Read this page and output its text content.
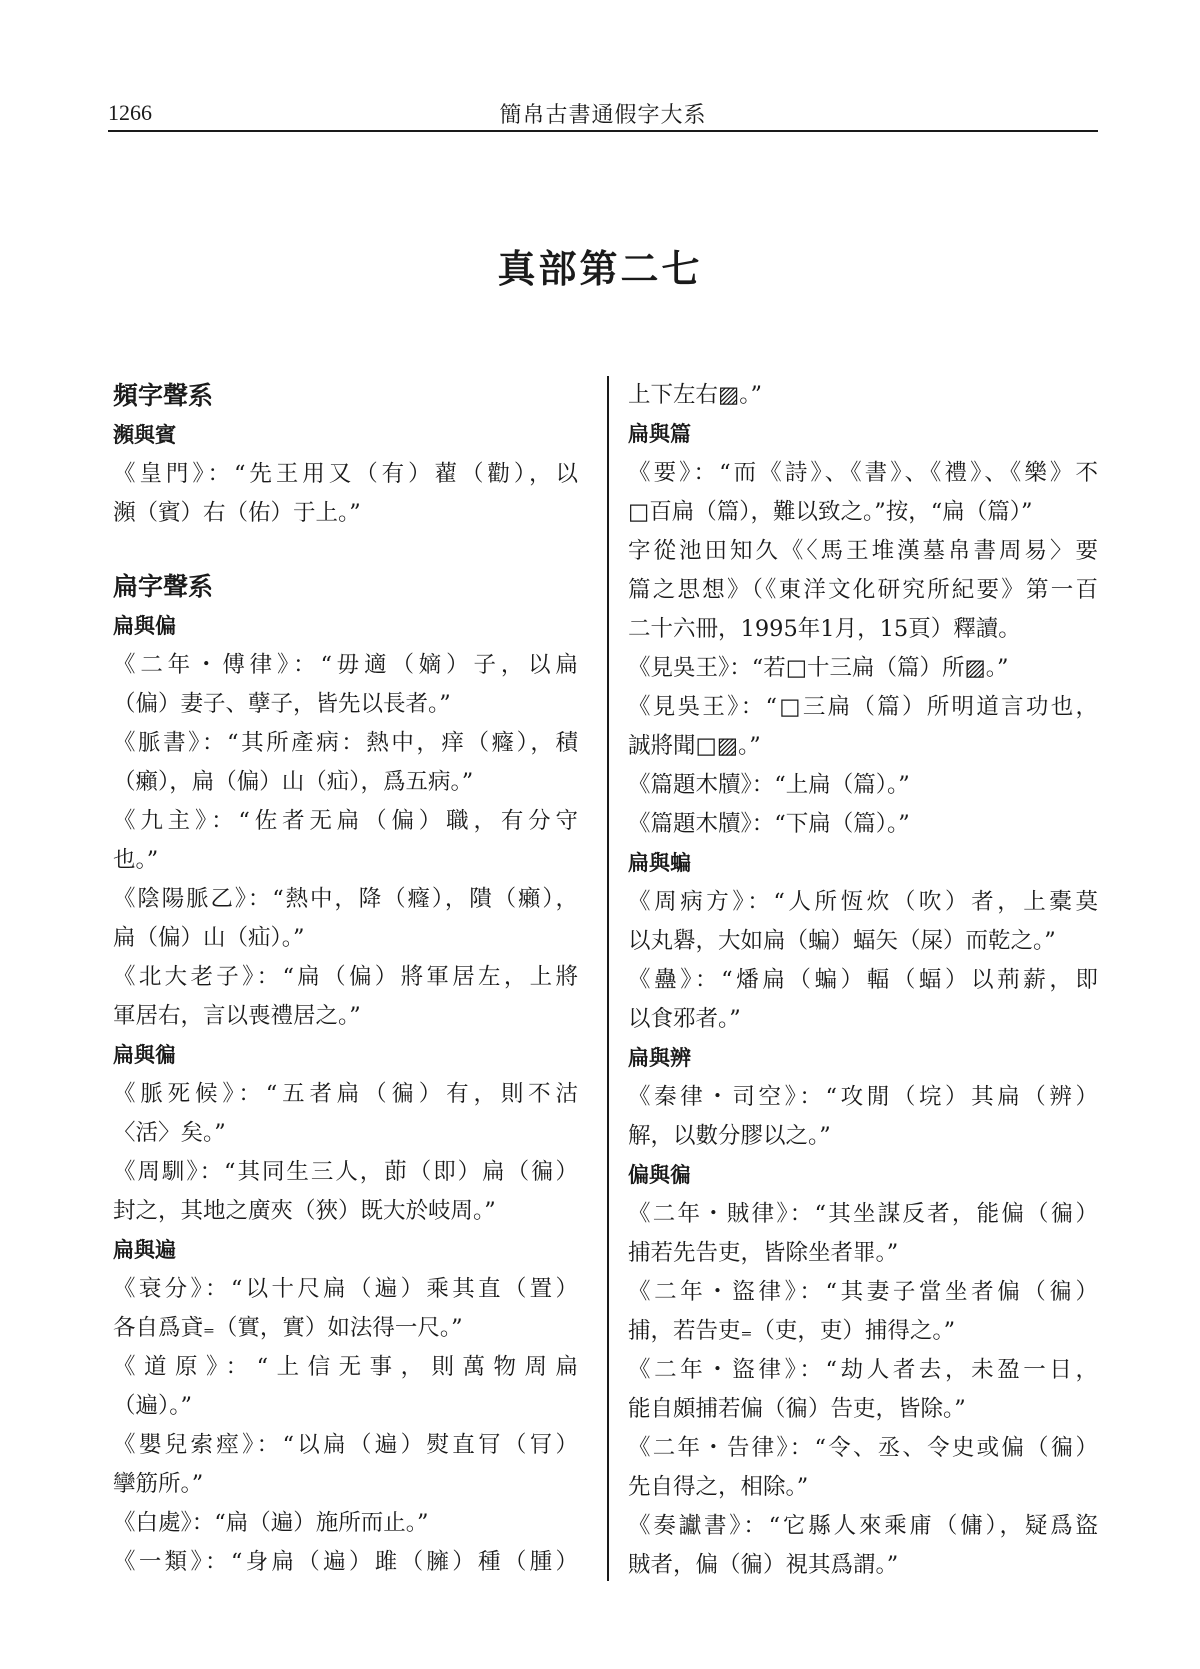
1266	簡帛古書通假字大系
真部第二七
頻字聲系
瀕與賓
《皇門》：“先王用又（有）藋（勸），以
瀕（賓）右（佑）于上。”
扁字聲系
扁與偏
《二年・傅律》：“毋適（嫡）子，以扁
（偏）妻子、孽子，皆先以長者。”
《脈書》：“其所產病：熱中，痒（癃），積
（癩），扁（偏）山（疝），爲五病。”
《九主》：“佐者无扁（偏）職，有分守
也。”
《陰陽脈乙》：“熱中，降（癃），隤（癩），
扁（偏）山（疝）。”
《北大老子》：“扁（偏）將軍居左，上將
軍居右，言以喪禮居之。”
扁與徧
《脈死候》：“五者扁（徧）有，則不沽
〈活〉矣。”
《周馴》：“其同生三人，莭（即）扁（徧）
封之，其地之廣夾（狹）既大於岐周。”
扁與遍
《衰分》：“以十尺扁（遍）乘其直（置）
各自爲貣₌（實，實）如法得一尺。”
《道原》：“上信无事，則萬物周扁
（遍）。”
《嬰兒索痙》：“以扁（遍）熨直肎（肎）
攣筋所。”
《白處》：“扁（遍）施所而止。”
《一類》：“身扁（遍）雎（臃）種（腫）
上下左右▨。”
扁與篇
《要》：“而《詩》、《書》、《禮》、《樂》不
□百扁（篇），難以致之。”按，“扁（篇）”
字從池田知久《〈馬王堆漢墓帛書周易〉要
篇之思想》（《東洋文化研究所紀要》第一百
二十六冊，1995年1月，15頁）釋讀。
《見吳王》：“若□十三扁（篇）所▨。”
《見吳王》：“□三扁（篇）所明道言功也，
誠將聞□▨。”
《篇題木牘》：“上扁（篇）。”
《篇題木牘》：“下扁（篇）。”
扁與蝙
《周病方》：“人所恆炊（吹）者，上橐莫
以丸礜，大如扁（蝙）蝠矢（屎）而乾之。”
《蠱》：“燔扁（蝙）輻（蝠）以荊薪，即
以食邪者。”
扁與辨
《秦律・司空》：“攻閒（垸）其扁（辨）
解，以數分膠以之。”
偏與徧
《二年・賊律》：“其坐謀反者，能偏（徧）
捕若先告吏，皆除坐者罪。”
《二年・盜律》：“其妻子當坐者偏（徧）
捕，若告吏₌（吏，吏）捕得之。”
《二年・盜律》：“劫人者去，未盈一日，
能自頗捕若偏（徧）告吏，皆除。”
《二年・告律》：“令、丞、令史或偏（徧）
先自得之，相除。”
《奏讞書》：“它縣人來乘庯（傭），疑爲盜
賊者，偏（徧）視其爲謂。”
